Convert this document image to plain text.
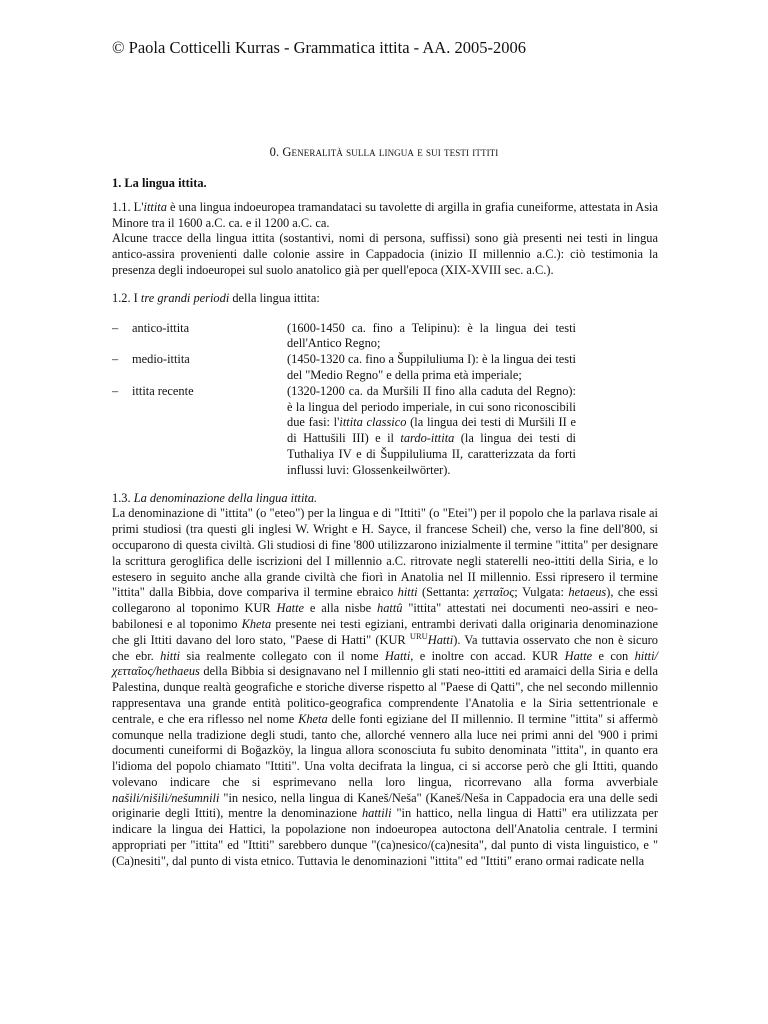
© Paola Cotticelli Kurras - Grammatica ittita - AA. 2005-2006
0. Generalità sulla lingua e sui testi ittiti

1. La lingua ittita.

1.1. L'ittita è una lingua indoeuropea tramandataci su tavolette di argilla in grafia cuneiforme, attestata in Asia Minore tra il 1600 a.C. ca. e il 1200 a.C. ca.

Alcune tracce della lingua ittita (sostantivi, nomi di persona, suffissi) sono già presenti nei testi in lingua antico-assira provenienti dalle colonie assire in Cappadocia (inizio II millennio a.C.): ciò testimonia la presenza degli indoeuropei sul suolo anatolico già per quell'epoca (XIX-XVIII sec. a.C.).

1.2. I tre grandi periodi della lingua ittita:

–	antico-ittita	(1600-1450 ca. fino a Telipinu): è la lingua dei testi dell'Antico Regno;
–	medio-ittita	(1450-1320 ca. fino a Šuppiluliuma I): è la lingua dei testi del "Medio Regno" e della prima età imperiale;
–	ittita recente	(1320-1200 ca. da Muršili II fino alla caduta del Regno): è la lingua del periodo imperiale, in cui sono riconoscibili due fasi: l'ittita classico (la lingua dei testi di Muršili II e di Hattušili III) e il tardo-ittita (la lingua dei testi di Tuthaliya IV e di Šuppiluliuma II, caratterizzata da forti influssi luvi: Glossenkeilwörter).

1.3. La denominazione della lingua ittita.

La denominazione di "ittita" (o "eteo") per la lingua e di "Ittiti" (o "Etei") per il popolo che la parlava risale ai primi studiosi (tra questi gli inglesi W. Wright e H. Sayce, il francese Scheil) che, verso la fine dell'800, si occuparono di questa civiltà. Gli studiosi di fine '800 utilizzarono inizialmente il termine "ittita" per designare la scrittura geroglifica delle iscrizioni del I millennio a.C. ritrovate negli staterelli neo-ittiti della Siria, e lo estesero in seguito anche alla grande civiltà che fiorì in Anatolia nel II millennio. Essi ripresero il termine "ittita" dalla Bibbia, dove compariva il termine ebraico hitti (Settanta: χετταῖος; Vulgata: hetaeus), che essi collegarono al toponimo KUR Hatte e alla nisbe hattû "ittita" attestati nei documenti neo-assiri e neo-babilonesi e al toponimo Kheta presente nei testi egiziani, entrambi derivati dalla originaria denominazione che gli Ittiti davano del loro stato, "Paese di Hatti" (KUR $^{URU}$Hatti). Va tuttavia osservato che non è sicuro che ebr. hitti sia realmente collegato con il nome Hatti, e inoltre con accad. KUR Hatte e con hitti/χετταῖος/hethaeus della Bibbia si designavano nel I millennio gli stati neo-ittiti ed aramaici della Siria e della Palestina, dunque realtà geografiche e storiche diverse rispetto al "Paese di Qatti", che nel secondo millennio rappresentava una grande entità politico-geografica comprendente l'Anatolia e la Siria settentrionale e centrale, e che era riflesso nel nome Kheta delle fonti egiziane del II millennio. Il termine "ittita" si affermò comunque nella tradizione degli studi, tanto che, allorché vennero alla luce nei primi anni del '900 i primi documenti cuneiformi di Boğazköy, la lingua allora sconosciuta fu subito denominata "ittita", in quanto era l'idioma del popolo chiamato "Ittiti". Una volta decifrata la lingua, ci si accorse però che gli Ittiti, quando volevano indicare che si esprimevano nella loro lingua, ricorrevano alla forma avverbiale našili/nišili/nešumnili "in nesico, nella lingua di Kaneš/Neša" (Kaneš/Neša in Cappadocia era una delle sedi originarie degli Ittiti), mentre la denominazione hattili "in hattico, nella lingua di Hatti" era utilizzata per indicare la lingua dei Hattici, la popolazione non indoeuropea autoctona dell'Anatolia centrale. I termini appropriati per "ittita" ed "Ittiti" sarebbero dunque "(ca)nesico/(ca)nesita", dal punto di vista linguistico, e "(Ca)nesiti", dal punto di vista etnico. Tuttavia le denominazioni "ittita" ed "Ittiti" erano ormai radicate nella
